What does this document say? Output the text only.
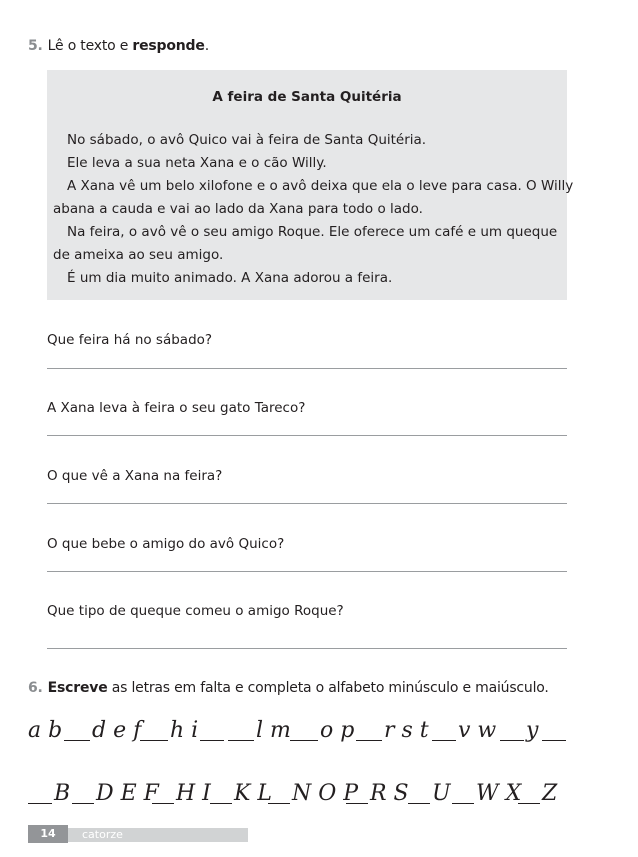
5. Lê o texto e responde.
A feira de Santa Quitéria
No sábado, o avô Quico vai à feira de Santa Quitéria.
Ele leva a sua neta Xana e o cão Willy.
A Xana vê um belo xilofone e o avô deixa que ela o leve para casa. O Willy
abana a cauda e vai ao lado da Xana para todo o lado.
Na feira, o avô vê o seu amigo Roque. Ele oferece um café e um queque
de ameixa ao seu amigo.
É um dia muito animado. A Xana adorou a feira.
Que feira há no sábado?
A Xana leva à feira o seu gato Tareco?
O que vê a Xana na feira?
O que bebe o amigo do avô Quico?
Que tipo de queque comeu o amigo Roque?
6. Escreve as letras em falta e completa o alfabeto minúsculo e maiúsculo.
a b d e f h i	l m o p r s t v w y
B D E F H I K L N O P R S U W X Z
14	catorze
